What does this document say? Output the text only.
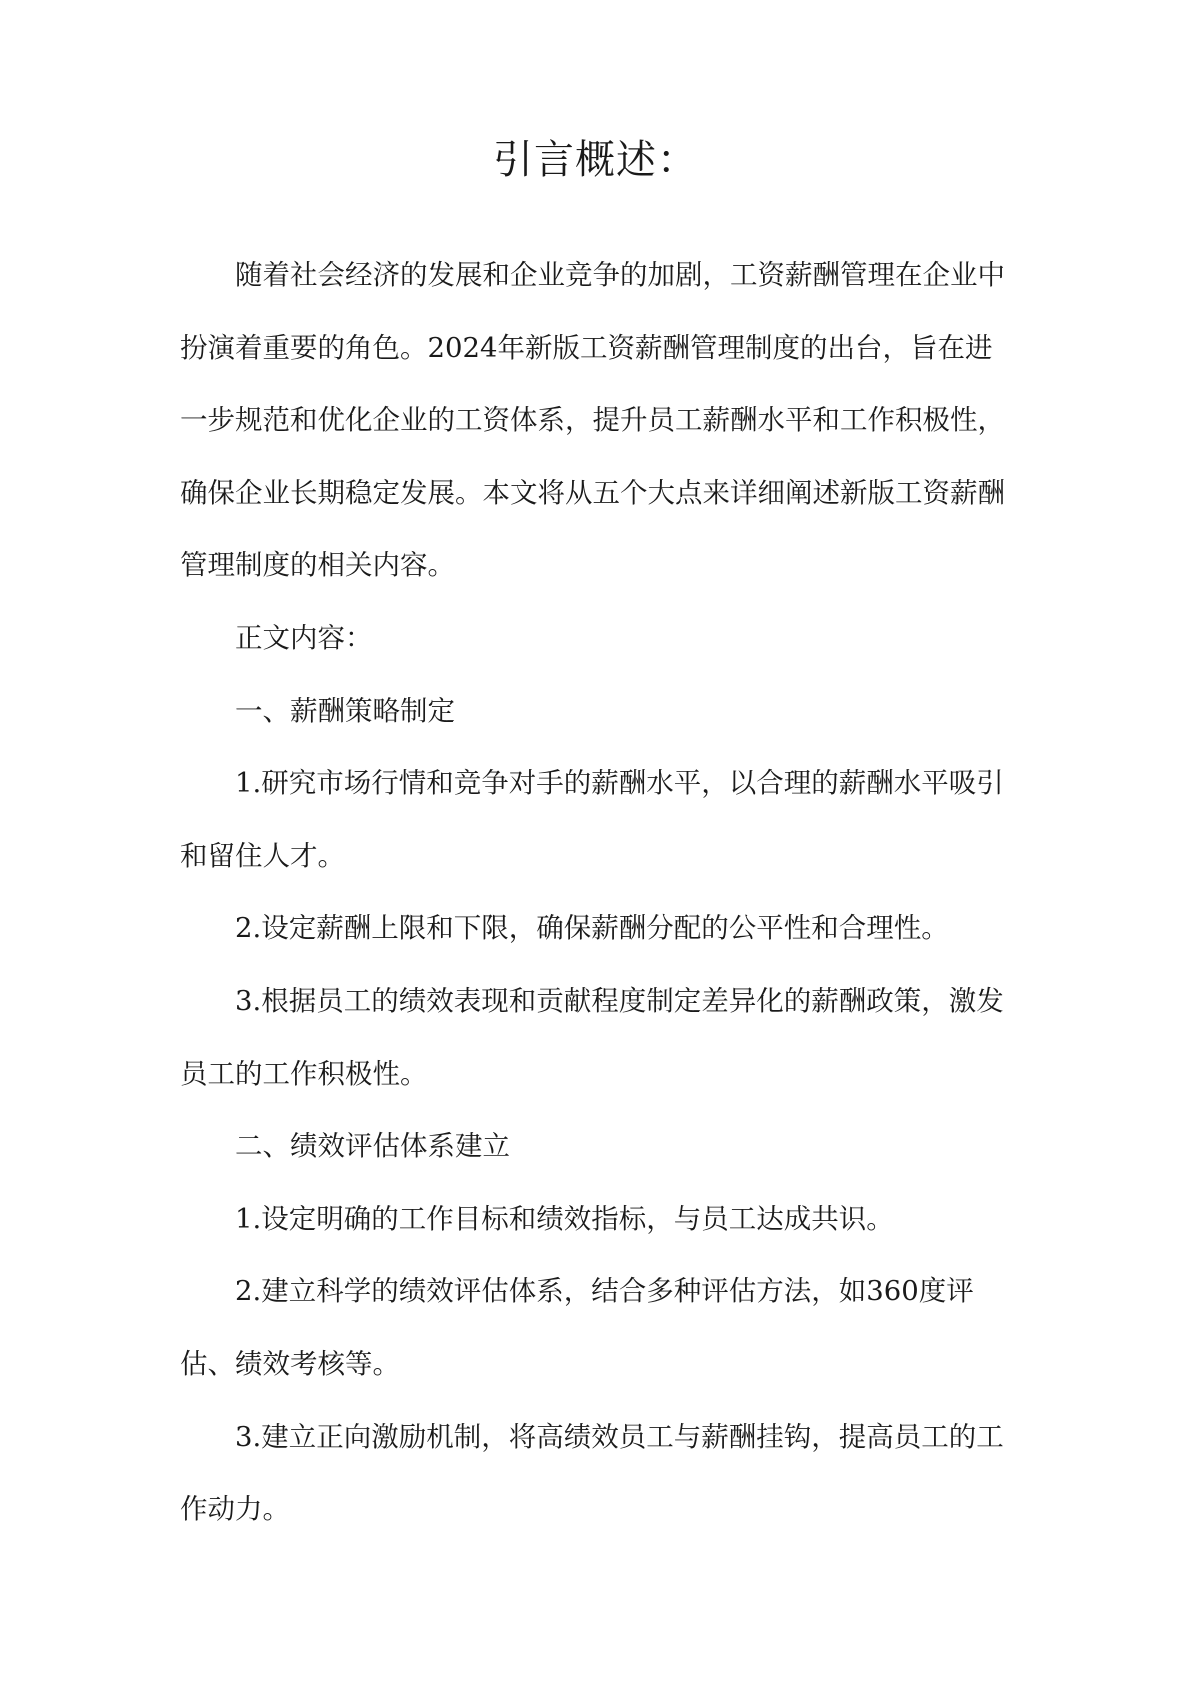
引言概述：

随着社会经济的发展和企业竞争的加剧，工资薪酬管理在企业中扮演着重要的角色。2024年新版工资薪酬管理制度的出台，旨在进一步规范和优化企业的工资体系，提升员工薪酬水平和工作积极性，确保企业长期稳定发展。本文将从五个大点来详细阐述新版工资薪酬管理制度的相关内容。

正文内容：

一、薪酬策略制定

1.研究市场行情和竞争对手的薪酬水平，以合理的薪酬水平吸引和留住人才。

2.设定薪酬上限和下限，确保薪酬分配的公平性和合理性。

3.根据员工的绩效表现和贡献程度制定差异化的薪酬政策，激发员工的工作积极性。

二、绩效评估体系建立

1.设定明确的工作目标和绩效指标，与员工达成共识。

2.建立科学的绩效评估体系，结合多种评估方法，如360度评估、绩效考核等。

3.建立正向激励机制，将高绩效员工与薪酬挂钩，提高员工的工作动力。
